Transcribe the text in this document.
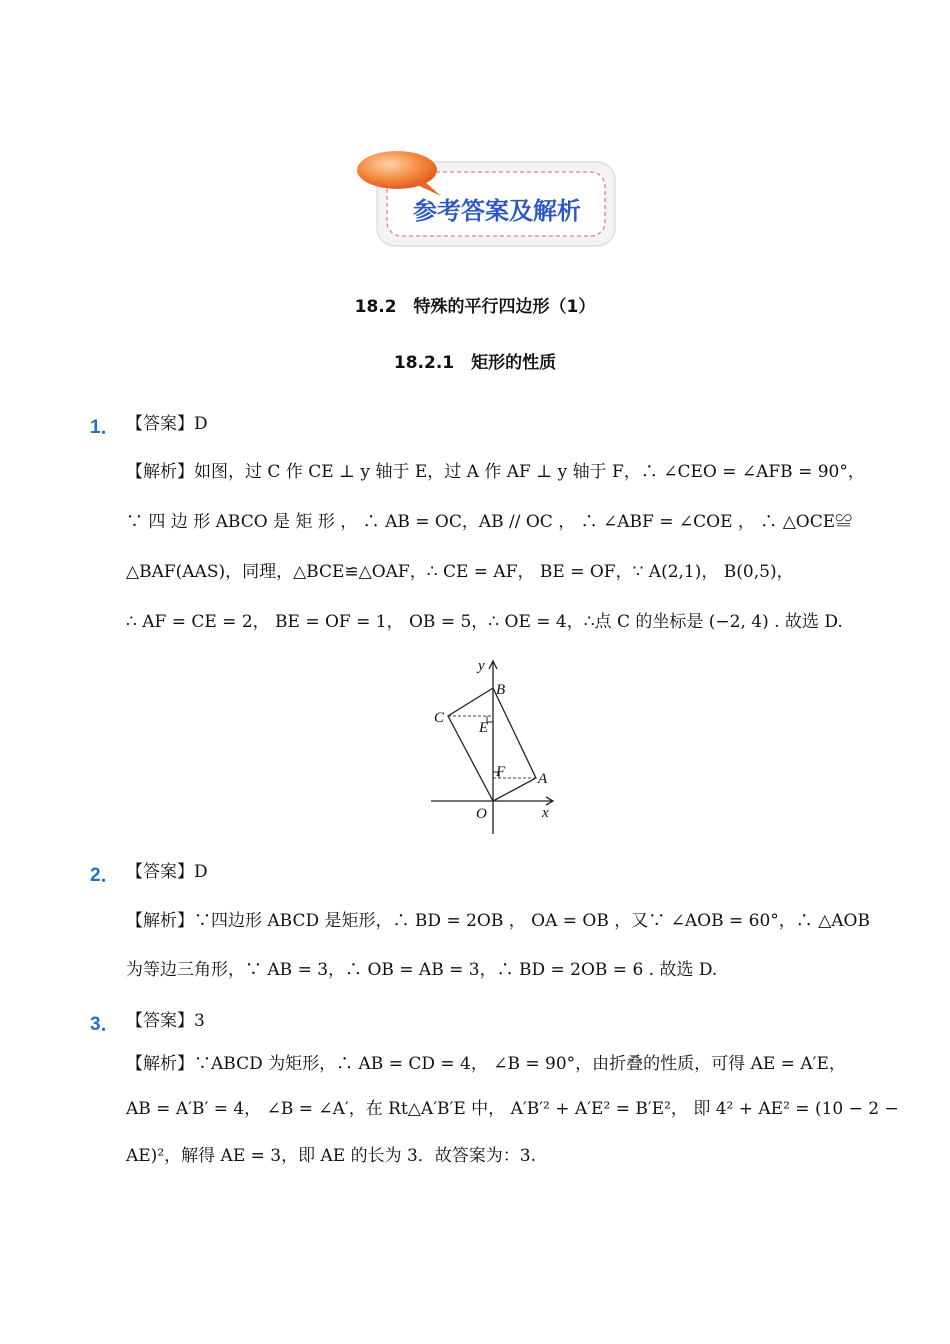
参考答案及解析
18.2　特殊的平行四边形（1）
18.2.1　矩形的性质
1． 【答案】D
【解析】如图，过 C 作 CE ⊥ y 轴于 E，过 A 作 AF ⊥ y 轴于 F，∴ ∠CEO = ∠AFB = 90°，
∵ 四 边 形 ABCO 是 矩 形 ， ∴ AB = OC，AB // OC ， ∴ ∠ABF = ∠COE ， ∴ △OCE≌
△BAF(AAS)，同理，△BCE≌△OAF，∴ CE = AF， BE = OF，∵ A(2,1)， B(0,5)，
∴ AF = CE = 2， BE = OF = 1， OB = 5，∴ OE = 4，∴点 C 的坐标是 (−2, 4) . 故选 D.
y
x
O
B
C
E
F A
2． 【答案】D
【解析】∵四边形 ABCD 是矩形，∴ BD = 2OB ， OA = OB ，又∵ ∠AOB = 60°，∴ △AOB
为等边三角形，∵ AB = 3，∴ OB = AB = 3，∴ BD = 2OB = 6 . 故选 D.
3． 【答案】3
【解析】∵ABCD 为矩形，∴ AB = CD = 4， ∠B = 90°，由折叠的性质，可得 AE = A′E，
AB = A′B′ = 4， ∠B = ∠A′，在 Rt△A′B′E 中， A′B′² + A′E² = B′E²， 即 4² + AE² = (10 − 2 −
AE)²，解得 AE = 3，即 AE 的长为 3．故答案为：3.
